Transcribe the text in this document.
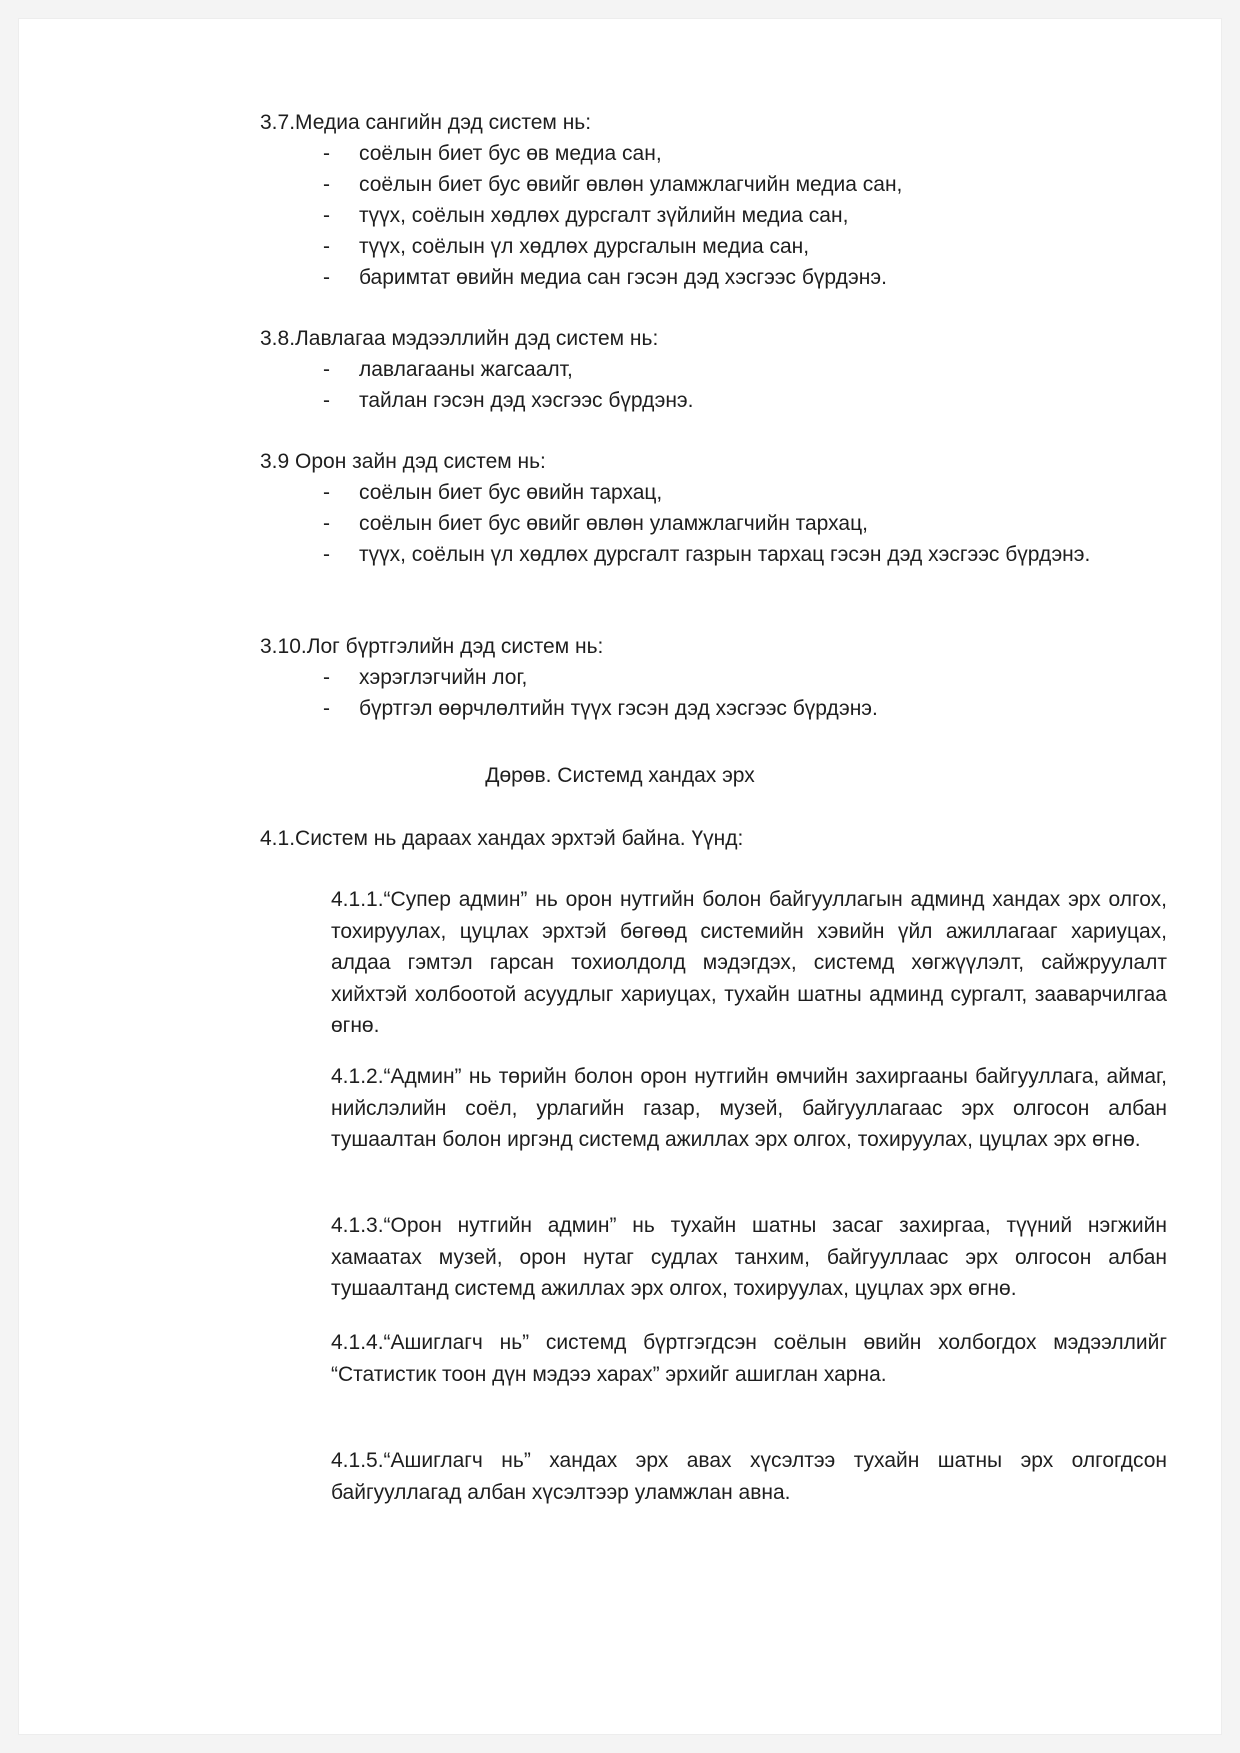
3.7.Медиа сангийн дэд систем нь:
- соёлын биет бус өв медиа сан,
- соёлын биет бус өвийг өвлөн уламжлагчийн медиа сан,
- түүх, соёлын хөдлөх дурсгалт зүйлийн медиа сан,
- түүх, соёлын үл хөдлөх дурсгалын медиа сан,
- баримтат өвийн медиа сан гэсэн дэд хэсгээс бүрдэнэ.
3.8.Лавлагаа мэдээллийн дэд систем нь:
- лавлагааны жагсаалт,
- тайлан гэсэн дэд хэсгээс бүрдэнэ.
3.9 Орон зайн дэд систем нь:
- соёлын биет бус өвийн тархац,
- соёлын биет бус өвийг өвлөн уламжлагчийн тархац,
- түүх, соёлын үл хөдлөх дурсгалт газрын тархац гэсэн дэд хэсгээс бүрдэнэ.
3.10.Лог бүртгэлийн дэд систем нь:
- хэрэглэгчийн лог,
- бүртгэл өөрчлөлтийн түүх гэсэн дэд хэсгээс бүрдэнэ.
Дөрөв. Системд хандах эрх
4.1.Систем нь дараах хандах эрхтэй байна. Үүнд:
4.1.1.“Супер админ” нь орон нутгийн болон байгууллагын админд хандах эрх олгох, тохируулах, цуцлах эрхтэй бөгөөд системийн хэвийн үйл ажиллагааг хариуцах, алдаа гэмтэл гарсан тохиолдолд мэдэгдэх, системд хөгжүүлэлт, сайжруулалт хийхтэй холбоотой асуудлыг хариуцах, тухайн шатны админд сургалт, зааварчилгаа өгнө.
4.1.2.“Админ” нь төрийн болон орон нутгийн өмчийн захиргааны байгууллага, аймаг, нийслэлийн соёл, урлагийн газар, музей, байгууллагаас эрх олгосон албан тушаалтан болон иргэнд системд ажиллах эрх олгох, тохируулах, цуцлах эрх өгнө.
4.1.3.“Орон нутгийн админ” нь тухайн шатны засаг захиргаа, түүний нэгжийн хамаатах музей, орон нутаг судлах танхим, байгууллаас эрх олгосон албан тушаалтанд системд ажиллах эрх олгох, тохируулах, цуцлах эрх өгнө.
4.1.4.“Ашиглагч нь” системд бүртгэгдсэн соёлын өвийн холбогдох мэдээллийг “Статистик тоон дүн мэдээ харах” эрхийг ашиглан харна.
4.1.5.“Ашиглагч нь” хандах эрх авах хүсэлтээ тухайн шатны эрх олгогдсон байгууллагад албан хүсэлтээр уламжлан авна.
